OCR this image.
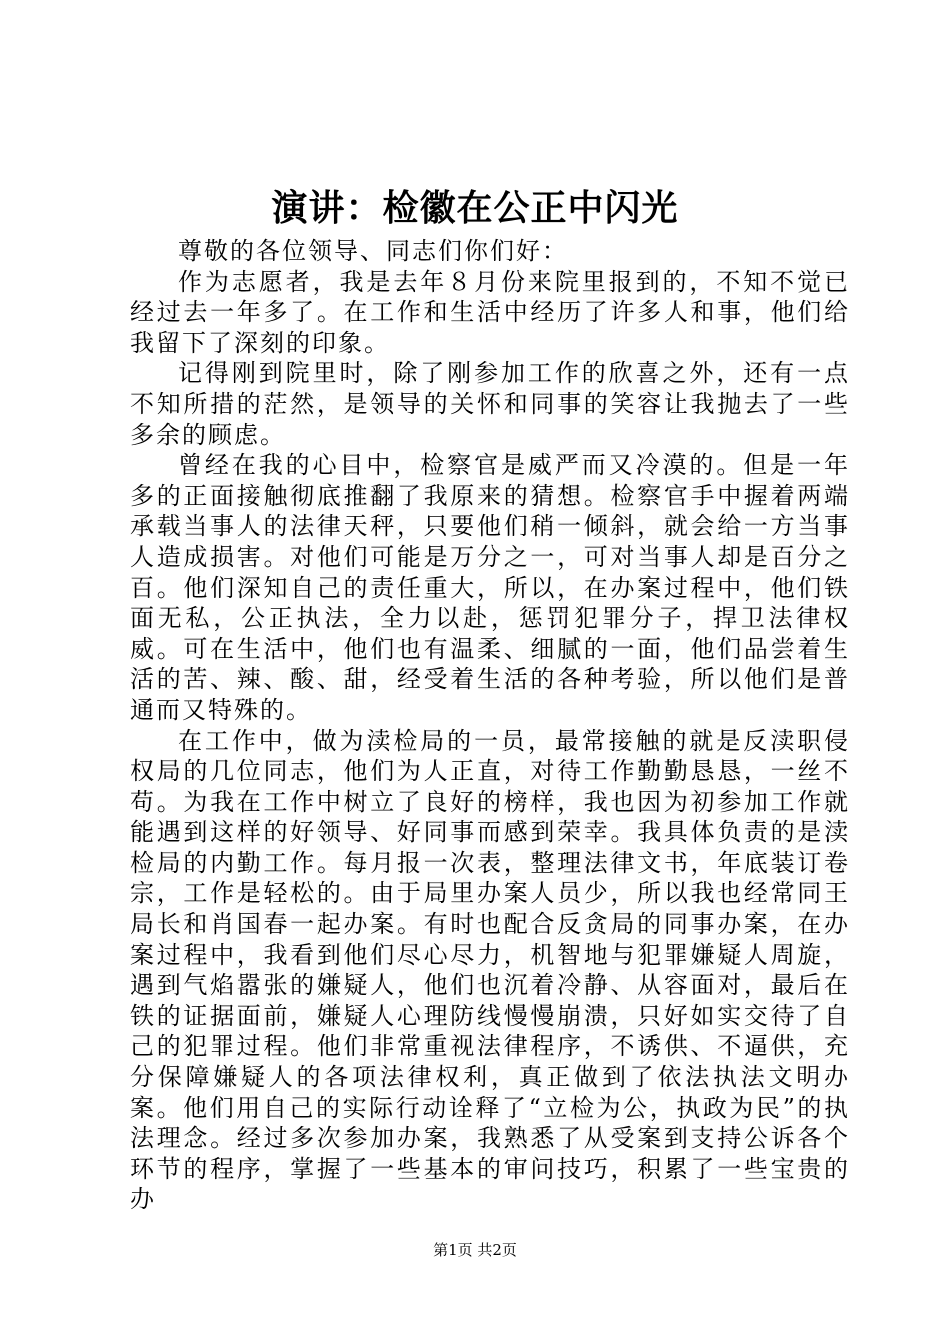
演讲：检徽在公正中闪光

尊敬的各位领导、同志们你们好：

作为志愿者，我是去年８月份来院里报到的，不知不觉已经过去一年多了。在工作和生活中经历了许多人和事，他们给我留下了深刻的印象。

记得刚到院里时，除了刚参加工作的欣喜之外，还有一点不知所措的茫然，是领导的关怀和同事的笑容让我抛去了一些多余的顾虑。

曾经在我的心目中，检察官是威严而又冷漠的。但是一年多的正面接触彻底推翻了我原来的猜想。检察官手中握着两端承载当事人的法律天秤，只要他们稍一倾斜，就会给一方当事人造成损害。对他们可能是万分之一，可对当事人却是百分之百。他们深知自己的责任重大，所以，在办案过程中，他们铁面无私，公正执法，全力以赴，惩罚犯罪分子，捍卫法律权威。可在生活中，他们也有温柔、细腻的一面，他们品尝着生活的苦、辣、酸、甜，经受着生活的各种考验，所以他们是普通而又特殊的。

在工作中，做为渎检局的一员，最常接触的就是反渎职侵权局的几位同志，他们为人正直，对待工作勤勤恳恳，一丝不苟。为我在工作中树立了良好的榜样，我也因为初参加工作就能遇到这样的好领导、好同事而感到荣幸。我具体负责的是渎检局的内勤工作。每月报一次表，整理法律文书，年底装订卷宗，工作是轻松的。由于局里办案人员少，所以我也经常同王局长和肖国春一起办案。有时也配合反贪局的同事办案，在办案过程中，我看到他们尽心尽力，机智地与犯罪嫌疑人周旋，遇到气焰嚣张的嫌疑人，他们也沉着冷静、从容面对，最后在铁的证据面前，嫌疑人心理防线慢慢崩溃，只好如实交待了自己的犯罪过程。他们非常重视法律程序，不诱供、不逼供，充分保障嫌疑人的各项法律权利，真正做到了依法执法文明办案。他们用自己的实际行动诠释了“立检为公，执政为民”的执法理念。经过多次参加办案，我熟悉了从受案到支持公诉各个环节的程序，掌握了一些基本的审问技巧，积累了一些宝贵的办

第1页 共2页
